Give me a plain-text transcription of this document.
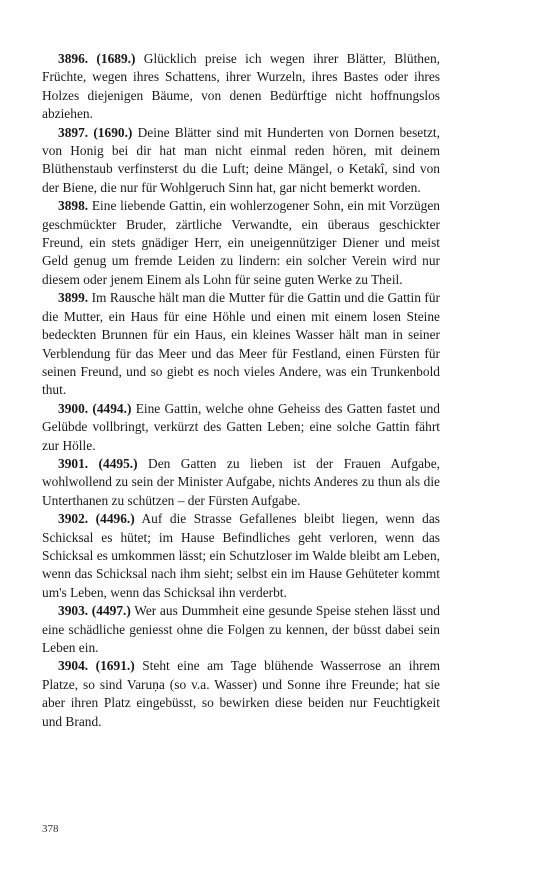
3896. (1689.) Glücklich preise ich wegen ihrer Blätter, Blüthen, Früchte, wegen ihres Schattens, ihrer Wurzeln, ihres Bastes oder ihres Holzes diejenigen Bäume, von denen Bedürftige nicht hoffnungslos abziehen.

3897. (1690.) Deine Blätter sind mit Hunderten von Dornen besetzt, von Honig bei dir hat man nicht einmal reden hören, mit deinem Blüthenstaub verfinsterst du die Luft; deine Mängel, o Ketakî, sind von der Biene, die nur für Wohlgeruch Sinn hat, gar nicht bemerkt worden.

3898. Eine liebende Gattin, ein wohlerzogener Sohn, ein mit Vorzügen geschmückter Bruder, zärtliche Verwandte, ein überaus geschickter Freund, ein stets gnädiger Herr, ein uneigennütziger Diener und meist Geld genug um fremde Leiden zu lindern: ein solcher Verein wird nur diesem oder jenem Einem als Lohn für seine guten Werke zu Theil.

3899. Im Rausche hält man die Mutter für die Gattin und die Gattin für die Mutter, ein Haus für eine Höhle und einen mit einem losen Steine bedeckten Brunnen für ein Haus, ein kleines Wasser hält man in seiner Verblendung für das Meer und das Meer für Festland, einen Fürsten für seinen Freund, und so giebt es noch vieles Andere, was ein Trunkenbold thut.

3900. (4494.) Eine Gattin, welche ohne Geheiss des Gatten fastet und Gelübde vollbringt, verkürzt des Gatten Leben; eine solche Gattin fährt zur Hölle.

3901. (4495.) Den Gatten zu lieben ist der Frauen Aufgabe, wohlwollend zu sein der Minister Aufgabe, nichts Anderes zu thun als die Unterthanen zu schützen – der Fürsten Aufgabe.

3902. (4496.) Auf die Strasse Gefallenes bleibt liegen, wenn das Schicksal es hütet; im Hause Befindliches geht verloren, wenn das Schicksal es umkommen lässt; ein Schutzloser im Walde bleibt am Leben, wenn das Schicksal nach ihm sieht; selbst ein im Hause Gehüteter kommt um's Leben, wenn das Schicksal ihn verderbt.

3903. (4497.) Wer aus Dummheit eine gesunde Speise stehen lässt und eine schädliche geniesst ohne die Folgen zu kennen, der büsst dabei sein Leben ein.

3904. (1691.) Steht eine am Tage blühende Wasserrose an ihrem Platze, so sind Varuṇa (so v.a. Wasser) und Sonne ihre Freunde; hat sie aber ihren Platz eingebüsst, so bewirken diese beiden nur Feuchtigkeit und Brand.

378
